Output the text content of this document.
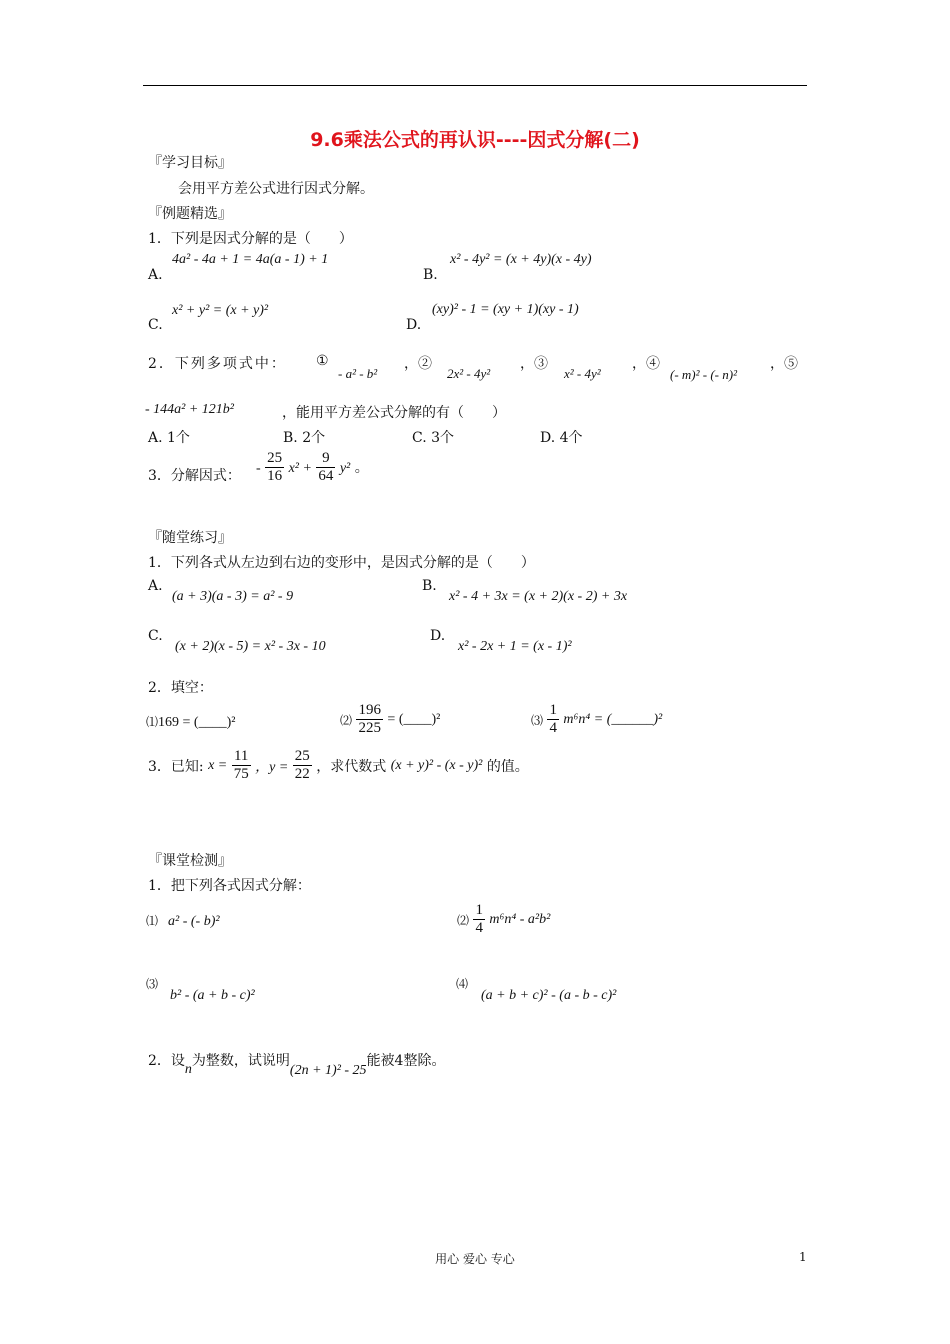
9.6乘法公式的再认识----因式分解(二)
『学习目标』
会用平方差公式进行因式分解。
『例题精选』
1．下列是因式分解的是（　　）
A.
4a² - 4a + 1 = 4a(a - 1) + 1
B.
x² - 4y² = (x + 4y)(x - 4y)
C.
x² + y² = (x + y)²
D.
(xy)² - 1 = (xy + 1)(xy - 1)
2．下列多项式中： ①
- a² - b²
，②
2x² - 4y²
，③
x² - 4y²
，④
(- m)² - (- n)²
，⑤
- 144a² + 121b²	，能用平方差公式分解的有（　　）
A. 1个	B. 2个	C. 3个	D. 4个
3．分解因式： - $\frac{25}{16} x^2 + \frac{9}{64} y^2$ 。
『随堂练习』
1．下列各式从左边到右边的变形中，是因式分解的是（　　）
A.
(a + 3)(a - 3) = a² - 9
B.
x² - 4 + 3x = (x + 2)(x - 2) + 3x
C.
(x + 2)(x - 5) = x² - 3x - 10
D.
x² - 2x + 1 = (x - 1)²
2．填空：
⑴169 = (____)²	⑵ $\frac{196}{225}$ = (____)²	⑶ $\frac{1}{4} m^6n^4$ = (______)²
3．已知: $x = \frac{11}{75}$ ，$y = \frac{25}{22}$ ，求代数式 (x + y)² - (x - y)² 的值。
『课堂检测』
1．把下列各式因式分解：
⑴ a² - (- b)²	⑵ $\frac{1}{4} m^6n^4 - a^2b^2$
⑶
b² - (a + b - c)²
⑷
(a + b + c)² - (a - b - c)²
2．设n为整数，试说明(2n + 1)² - 25能被4整除。
用心 爱心 专心	1
